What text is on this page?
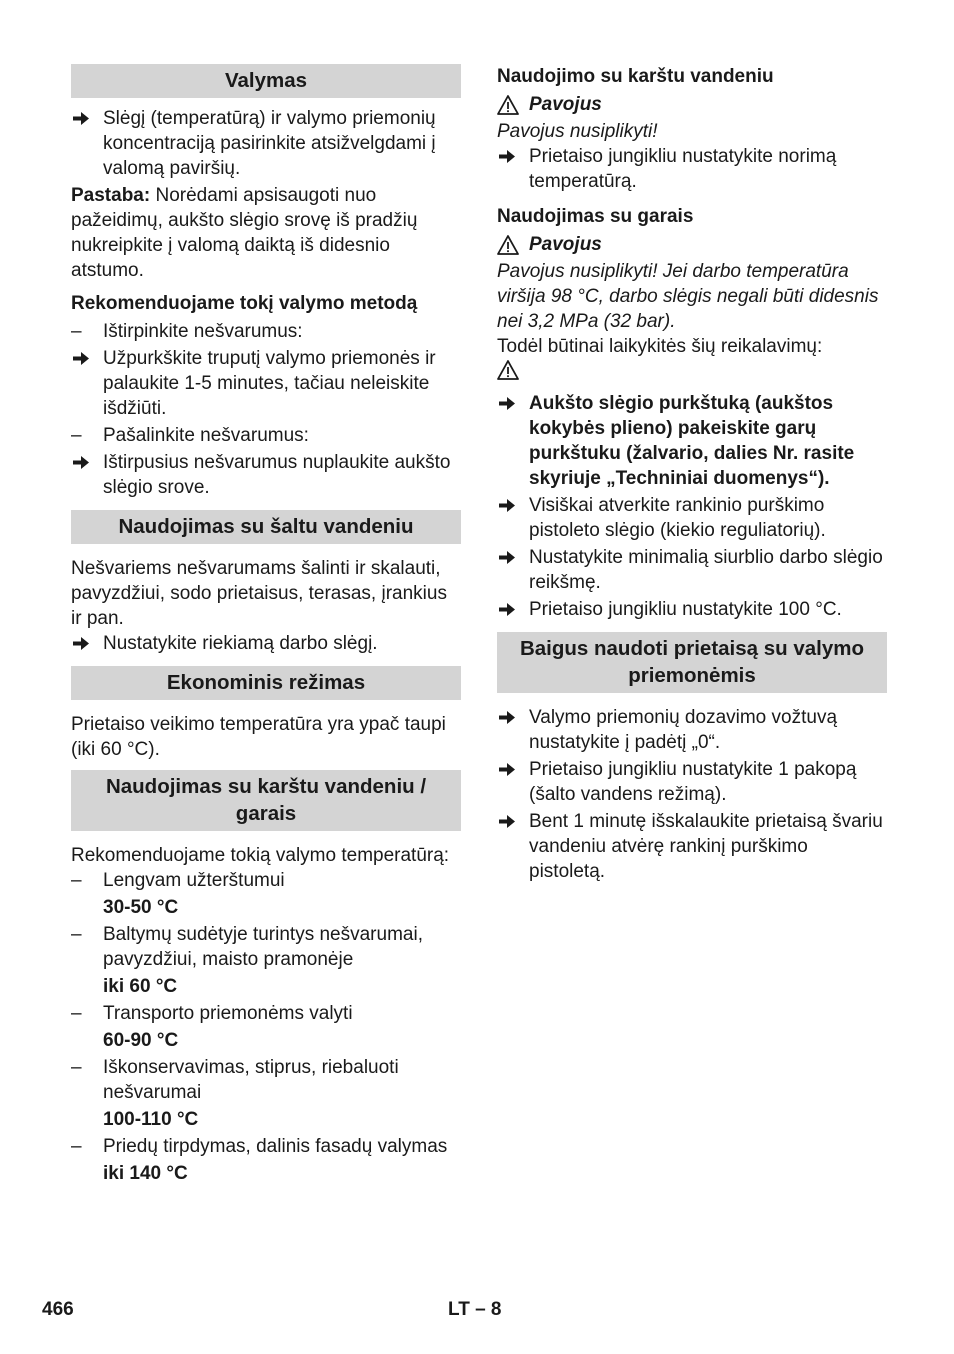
Valymas
Slėgį (temperatūrą) ir valymo priemonių koncentraciją pasirinkite atsižvelgdami į valomą paviršių.

Pastaba: Norėdami apsisaugoti nuo pažeidimų, aukšto slėgio srovę iš pradžių nukreipkite į valomą daiktą iš didesnio atstumo.

Rekomenduojame tokį valymo metodą

–	Ištirpinkite nešvarumus:
Užpurkškite truputį valymo priemonės ir palaukite 1-5 minutes, tačiau neleiskite išdžiūti.
–	Pašalinkite nešvarumus:
Ištirpusius nešvarumus nuplaukite aukšto slėgio srove.
Naudojimas su šaltu vandeniu

Nešvariems nešvarumams šalinti ir skalauti, pavyzdžiui, sodo prietaisus, terasas, įrankius ir pan.

Nustatykite riekiamą darbo slėgį.
Ekonominis režimas

Prietaiso veikimo temperatūra yra ypač taupi (iki 60 °C).

Naudojimas su karštu vandeniu / garais

Rekomenduojame tokią valymo temperatūrą:

–	Lengvam užterštumui
30-50 °C
–	Baltymų sudėtyje turintys nešvarumai, pavyzdžiui, maisto pramonėje
iki 60 °C
–	Transporto priemonėms valyti
60-90 °C
–	Iškonservavimas, stiprus, riebaluoti nešvarumai
100-110 °C
–	Priedų tirpdymas, dalinis fasadų valymas
iki 140 °C

Naudojimo su karštu vandeniu

Pavojus

Pavojus nusiplikyti!

Prietaiso jungikliu nustatykite norimą temperatūrą.

Naudojimas su garais

Pavojus

Pavojus nusiplikyti! Jei darbo temperatūra viršija 98 °C, darbo slėgis negali būti didesnis nei 3,2 MPa (32 bar).

Todėl būtinai laikykitės šių reikalavimų:

Aukšto slėgio purkštuką (aukštos kokybės plieno) pakeiskite garų purkštuku (žalvario, dalies Nr. rasite skyriuje „Techniniai duomenys“).
Visiškai atverkite rankinio purškimo pistoleto slėgio (kiekio reguliatorių).
Nustatykite minimalią siurblio darbo slėgio reikšmę.
Prietaiso jungikliu nustatykite 100 °C.
Baigus naudoti prietaisą su valymo priemonėmis
Valymo priemonių dozavimo vožtuvą nustatykite į padėtį „0“.
Prietaiso jungikliu nustatykite 1 pakopą (šalto vandens režimą).
Bent 1 minutę išskalaukite prietaisą švariu vandeniu atvėrę rankinį purškimo pistoletą.
466	LT – 8
